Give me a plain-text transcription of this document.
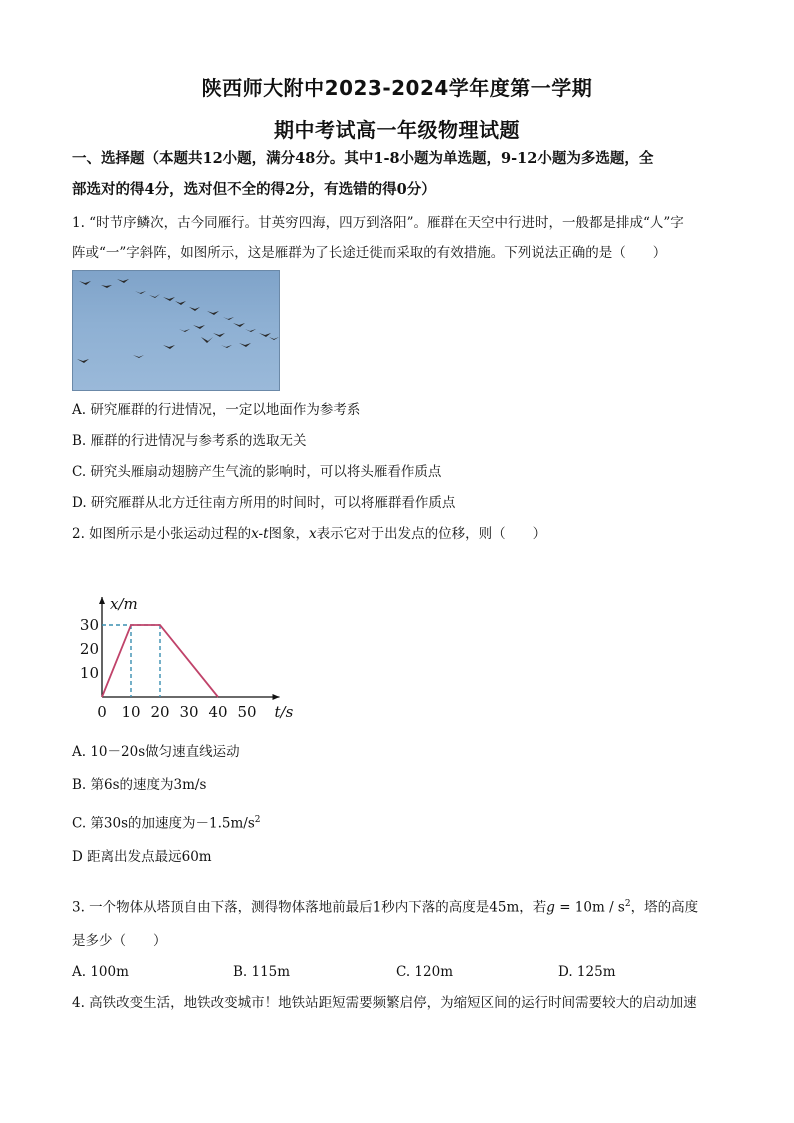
陕西师大附中2023-2024学年度第一学期
期中考试高一年级物理试题
一、选择题（本题共12小题，满分48分。其中1-8小题为单选题，9-12小题为多选题，全
部选对的得4分，选对但不全的得2分，有选错的得0分）
1. “时节序鳞次，古今同雁行。甘英穷四海，四万到洛阳”。雁群在天空中行进时，一般都是排成“人”字
阵或“一”字斜阵，如图所示，这是雁群为了长途迁徙而采取的有效措施。下列说法正确的是（　　）
A. 研究雁群的行进情况，一定以地面作为参考系
B. 雁群的行进情况与参考系的选取无关
C. 研究头雁扇动翅膀产生气流的影响时，可以将头雁看作质点
D. 研究雁群从北方迁往南方所用的时间时，可以将雁群看作质点
2. 如图所示是小张运动过程的x-t图象，x表示它对于出发点的位移，则（　　）
0 10 20 30 40 50
10
20
30
t/s
x/m
A. 10－20s做匀速直线运动
B. 第6s的速度为3m/s
C. 第30s的加速度为$-1.5m/s^2$
D 距离出发点最远60m
3. 一个物体从塔顶自由下落，测得物体落地前最后1秒内下落的高度是45m，若$g = 10m / s^2$，塔的高度
是多少（　　）
A. 100m	B. 115m	C. 120m	D. 125m
4. 高铁改变生活，地铁改变城市！地铁站距短需要频繁启停，为缩短区间的运行时间需要较大的启动加速
